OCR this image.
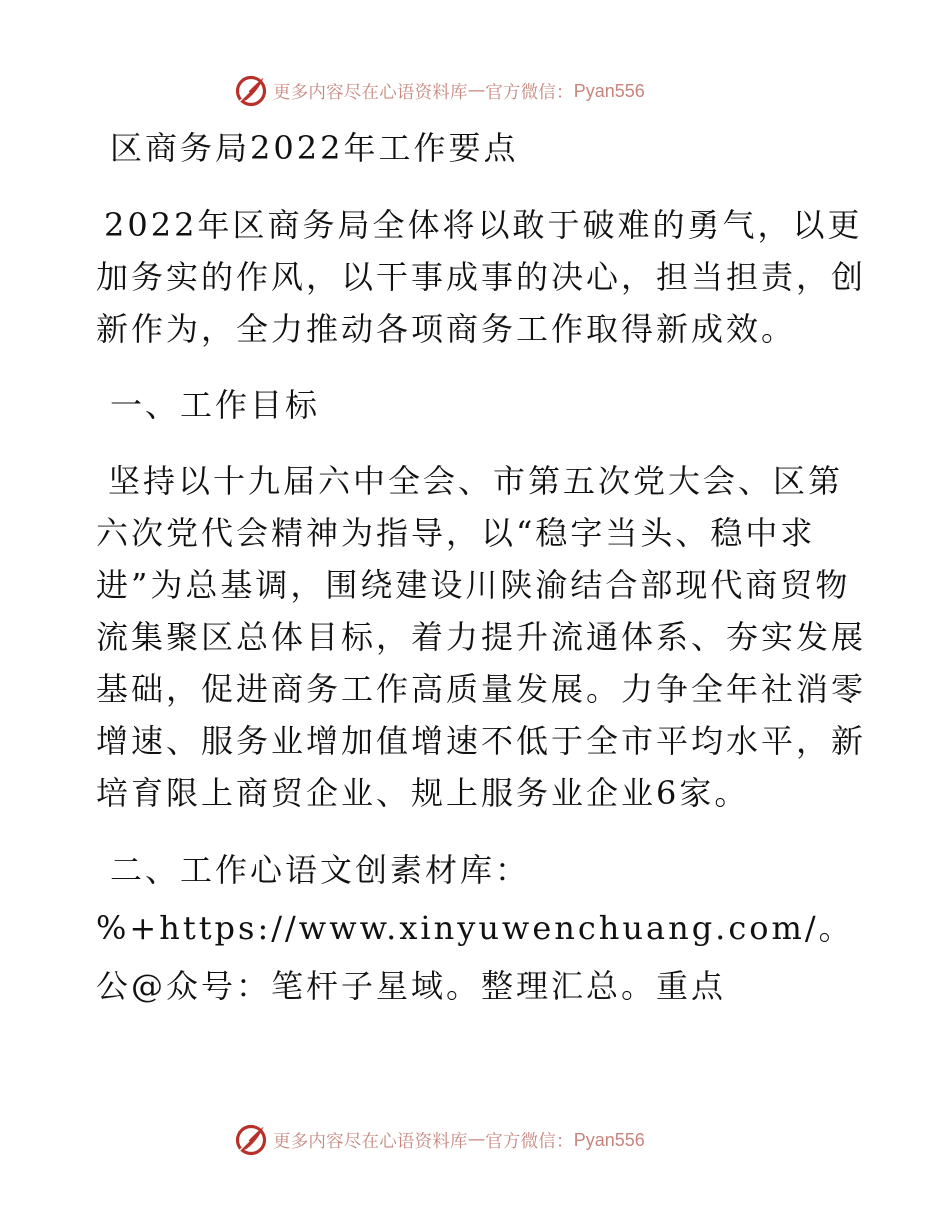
更多内容尽在心语资料库 — 官方微信： Pyan556

区商务局2022年工作要点

2022年区商务局全体将以敢于破难的勇气，以更加务实的作风，以干事成事的决心，担当担责，创新作为，全力推动各项商务工作取得新成效。

一、工作目标

坚持以十九届六中全会、市第五次党大会、区第六次党代会精神为指导，以“稳字当头、稳中求进”为总基调，围绕建设川陕渝结合部现代商贸物流集聚区总体目标，着力提升流通体系、夯实发展基础，促进商务工作高质量发展。力争全年社消零增速、服务业增加值增速不低于全市平均水平，新培育限上商贸企业、规上服务业企业6家。

二、工作心语文创素材库：%+https://www.xinyuwenchuang.com/。公@众号：笔杆子星域。整理汇总。重点

更多内容尽在心语资料库 — 官方微信： Pyan556
